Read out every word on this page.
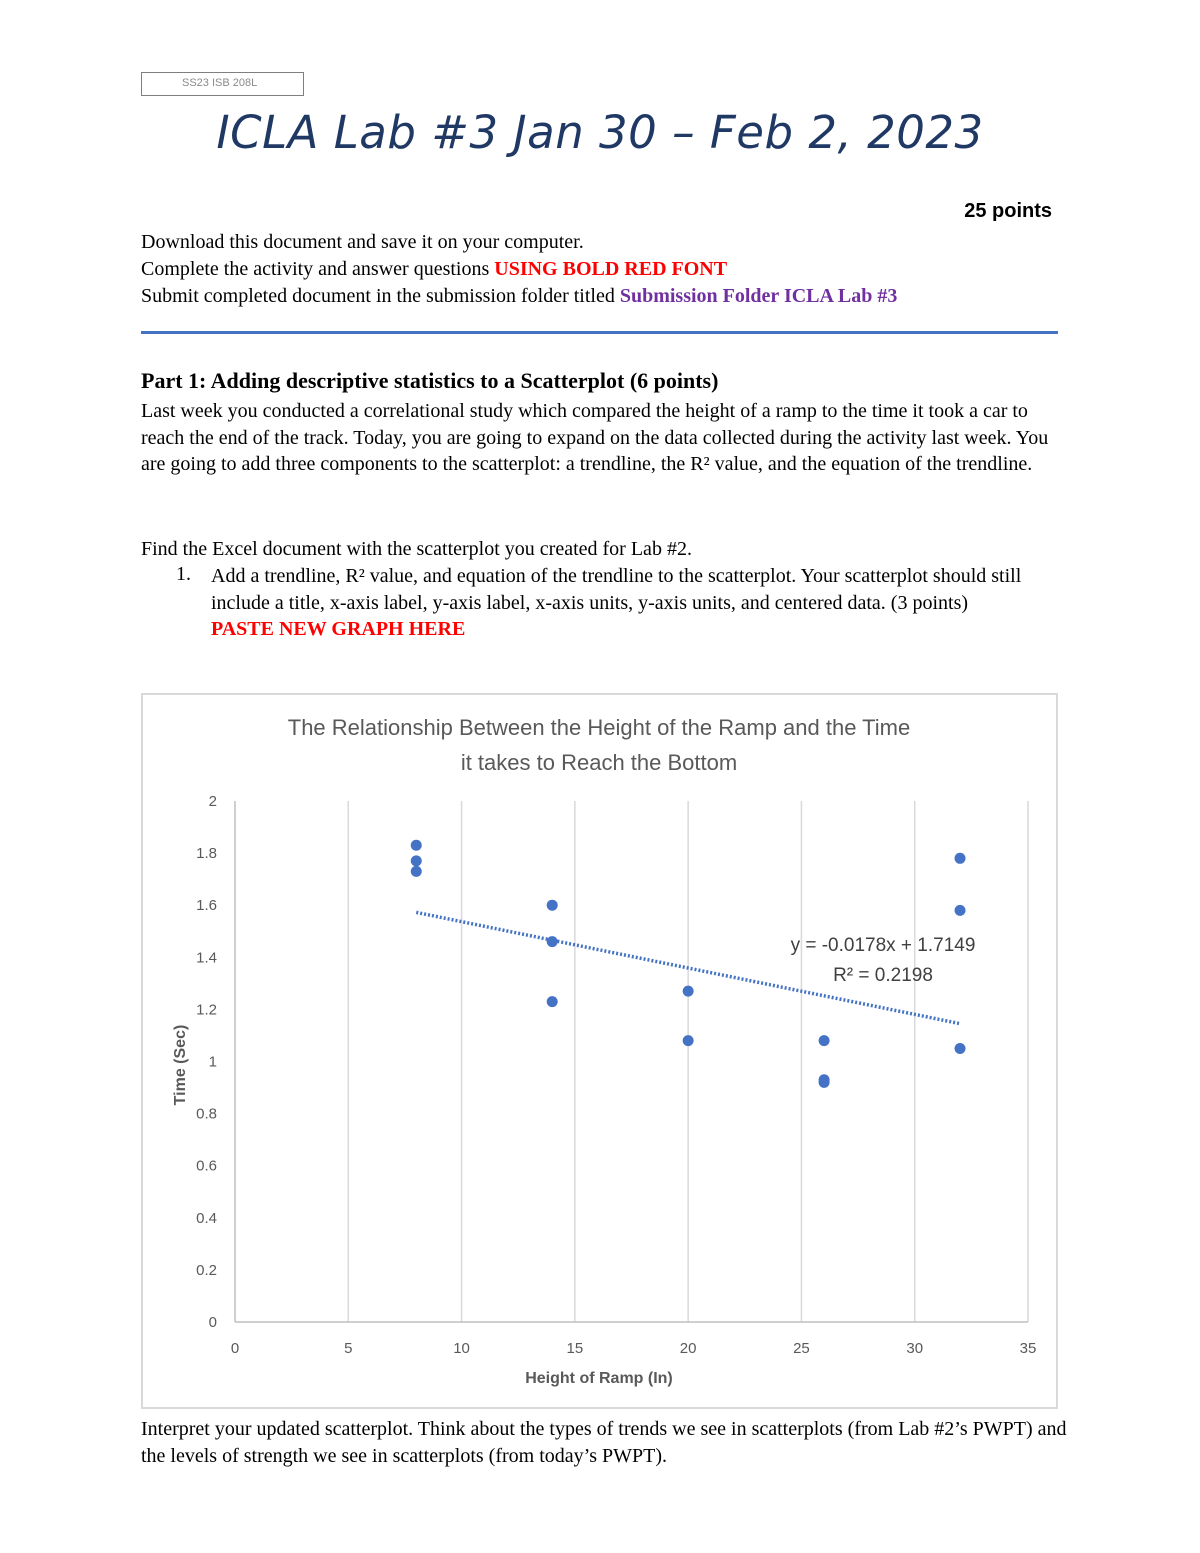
SS23 ISB 208L
ICLA Lab #3 Jan 30 – Feb 2, 2023
25 points
Download this document and save it on your computer.
Complete the activity and answer questions USING BOLD RED FONT
Submit completed document in the submission folder titled Submission Folder ICLA Lab #3
Part 1: Adding descriptive statistics to a Scatterplot (6 points)
Last week you conducted a correlational study which compared the height of a ramp to the time it took a car to reach the end of the track. Today, you are going to expand on the data collected during the activity last week. You are going to add three components to the scatterplot: a trendline, the R² value, and the equation of the trendline.
Find the Excel document with the scatterplot you created for Lab #2.
1. Add a trendline, R² value, and equation of the trendline to the scatterplot. Your scatterplot should still include a title, x-axis label, y-axis label, x-axis units, y-axis units, and centered data. (3 points)
PASTE NEW GRAPH HERE
The Relationship Between the Height of the Ramp and the Time
it takes to Reach the Bottom
0	5	10	15	20	25	30	35
0
0.2
0.4
0.6
0.8
1
1.2
1.4
1.6
1.8
2
y = -0.0178x + 1.7149
R² = 0.2198
Height of Ramp (In)
Time (Sec)
Interpret your updated scatterplot. Think about the types of trends we see in scatterplots (from Lab #2’s PWPT) and the levels of strength we see in scatterplots (from today’s PWPT).
